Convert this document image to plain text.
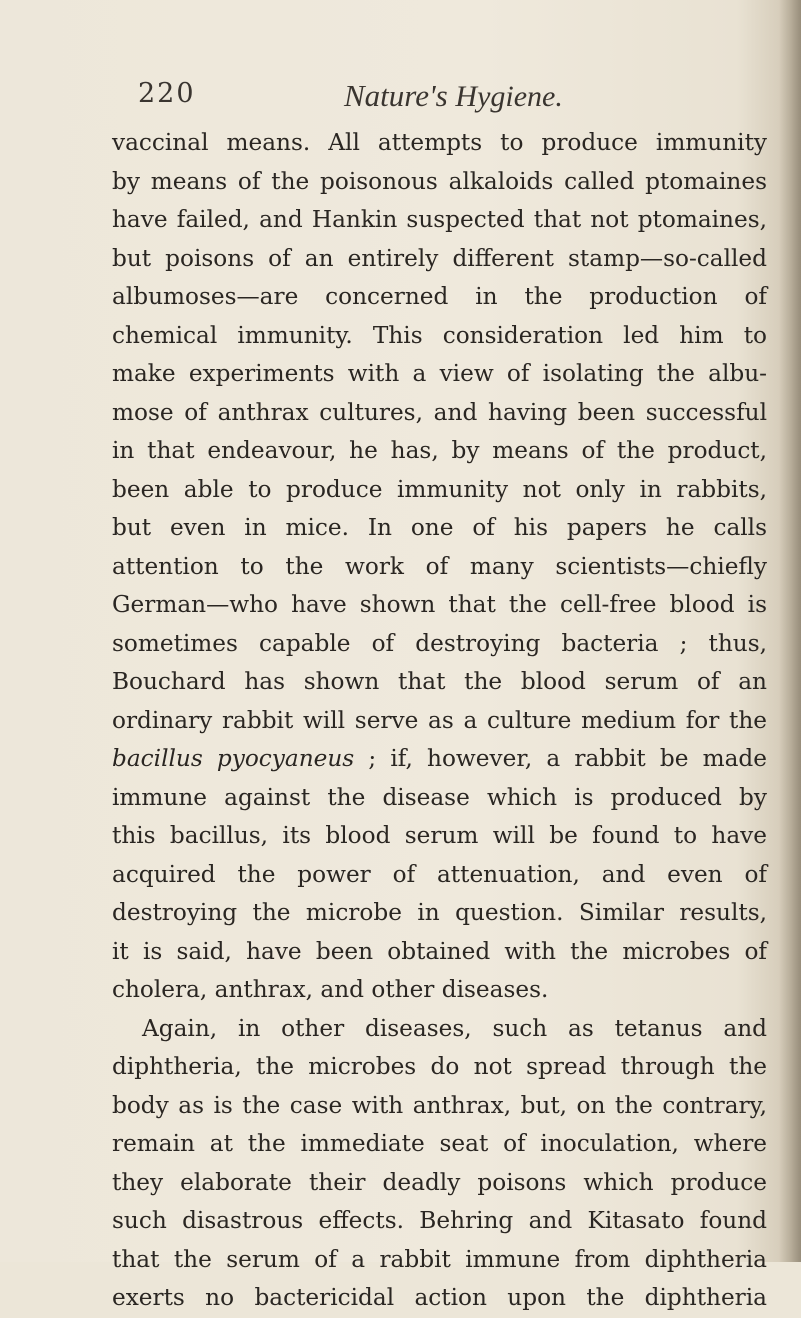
220	Nature's Hygiene.
vaccinal means. All attempts to produce immunity
by means of the poisonous alkaloids called ptomaines
have failed, and Hankin suspected that not ptomaines,
but poisons of an entirely different stamp—so-called
albumoses—are concerned in the production of
chemical immunity. This consideration led him to
make experiments with a view of isolating the albu-
mose of anthrax cultures, and having been successful
in that endeavour, he has, by means of the product,
been able to produce immunity not only in rabbits,
but even in mice. In one of his papers he calls
attention to the work of many scientists—chiefly
German—who have shown that the cell-free blood is
sometimes capable of destroying bacteria ; thus,
Bouchard has shown that the blood serum of an
ordinary rabbit will serve as a culture medium for the
bacillus pyocyaneus ; if, however, a rabbit be made
immune against the disease which is produced by
this bacillus, its blood serum will be found to have
acquired the power of attenuation, and even of
destroying the microbe in question. Similar results,
it is said, have been obtained with the microbes of
cholera, anthrax, and other diseases.
Again, in other diseases, such as tetanus and
diphtheria, the microbes do not spread through the
body as is the case with anthrax, but, on the contrary,
remain at the immediate seat of inoculation, where
they elaborate their deadly poisons which produce
such disastrous effects. Behring and Kitasato found
that the serum of a rabbit immune from diphtheria
exerts no bactericidal action upon the diphtheria
